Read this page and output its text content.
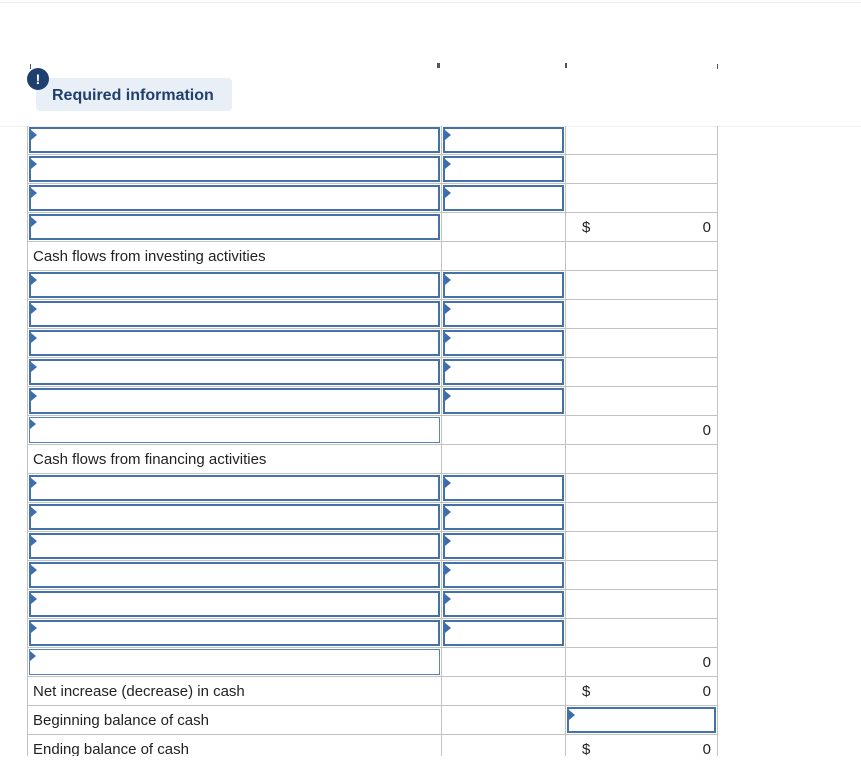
Required information
!
$	0
Cash flows from investing activities
0
Cash flows from financing activities
0
Net increase (decrease) in cash	$	0
Beginning balance of cash
Ending balance of cash	$	0
